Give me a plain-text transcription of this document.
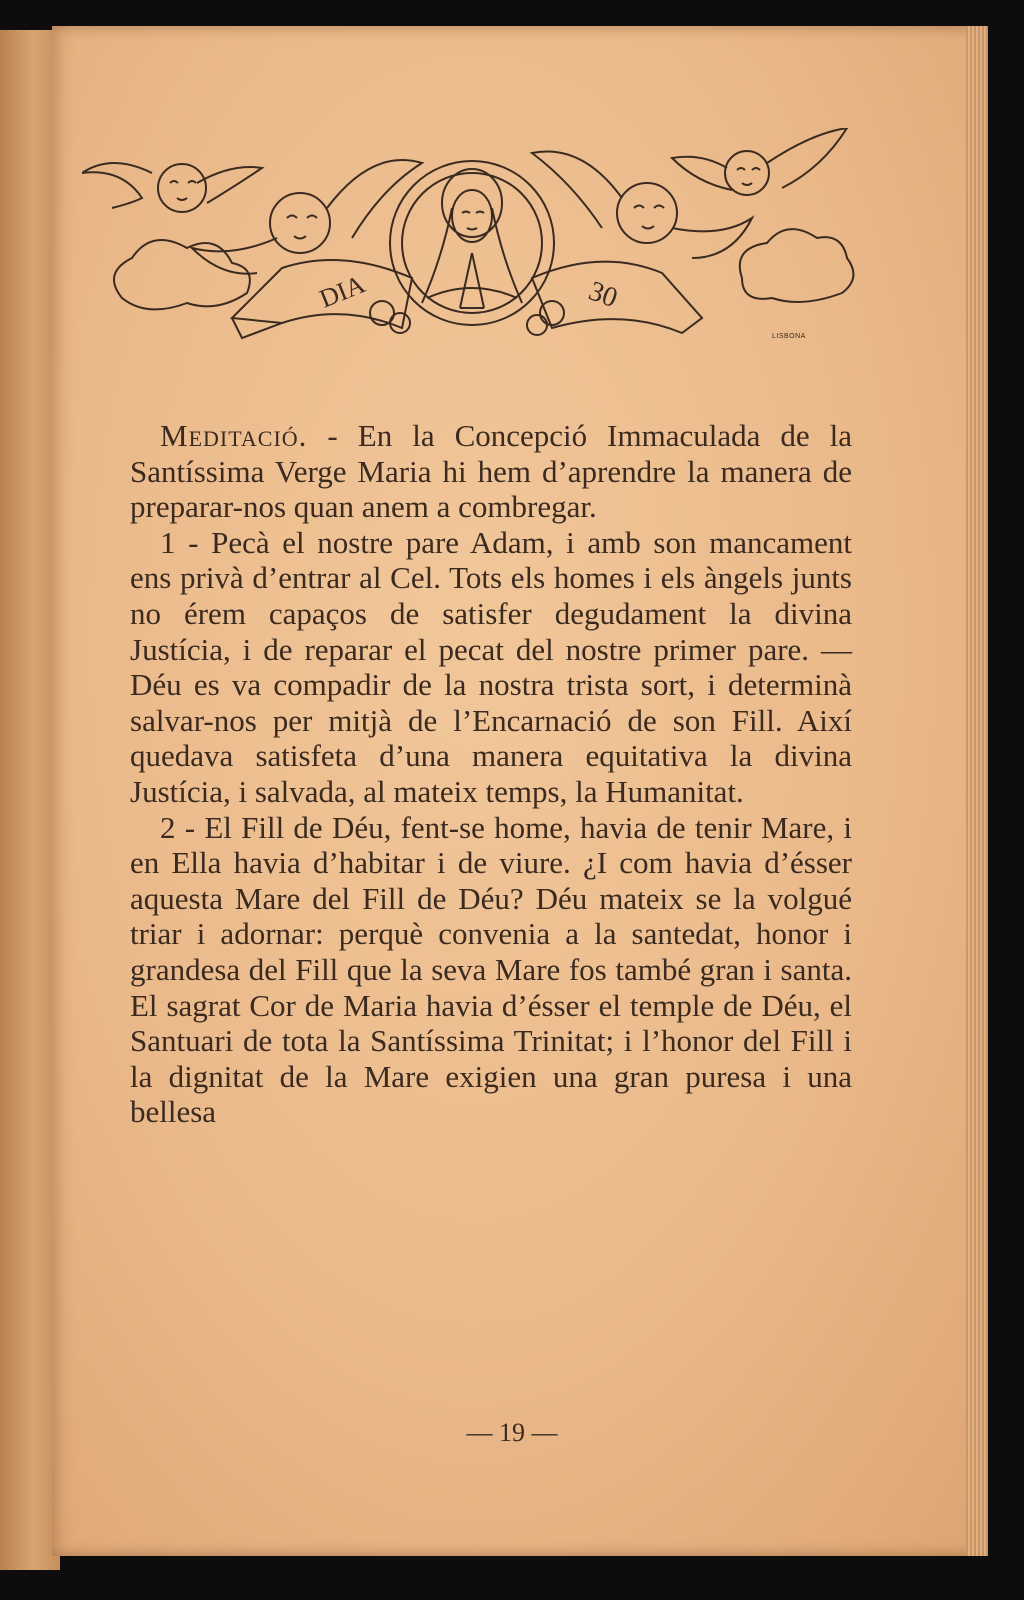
DIA	30
LISBONA

Meditació. - En la Concepció Immaculada de la Santíssima Verge Maria hi hem d’aprendre la manera de preparar-nos quan anem a combregar.

1 - Pecà el nostre pare Adam, i amb son mancament ens privà d’entrar al Cel. Tots els homes i els àngels junts no érem capaços de satisfer degudament la divina Justícia, i de reparar el pecat del nostre primer pare. — Déu es va compadir de la nostra trista sort, i determinà salvar-nos per mitjà de l’Encarnació de son Fill. Així quedava satisfeta d’una manera equitativa la divina Justícia, i salvada, al mateix temps, la Humanitat.

2 - El Fill de Déu, fent-se home, havia de tenir Mare, i en Ella havia d’habitar i de viure. ¿I com havia d’ésser aquesta Mare del Fill de Déu? Déu mateix se la volgué triar i adornar: perquè convenia a la santedat, honor i grandesa del Fill que la seva Mare fos també gran i santa. El sagrat Cor de Maria havia d’ésser el temple de Déu, el Santuari de tota la Santíssima Trinitat; i l’honor del Fill i la dignitat de la Mare exigien una gran puresa i una bellesa

— 19 —
